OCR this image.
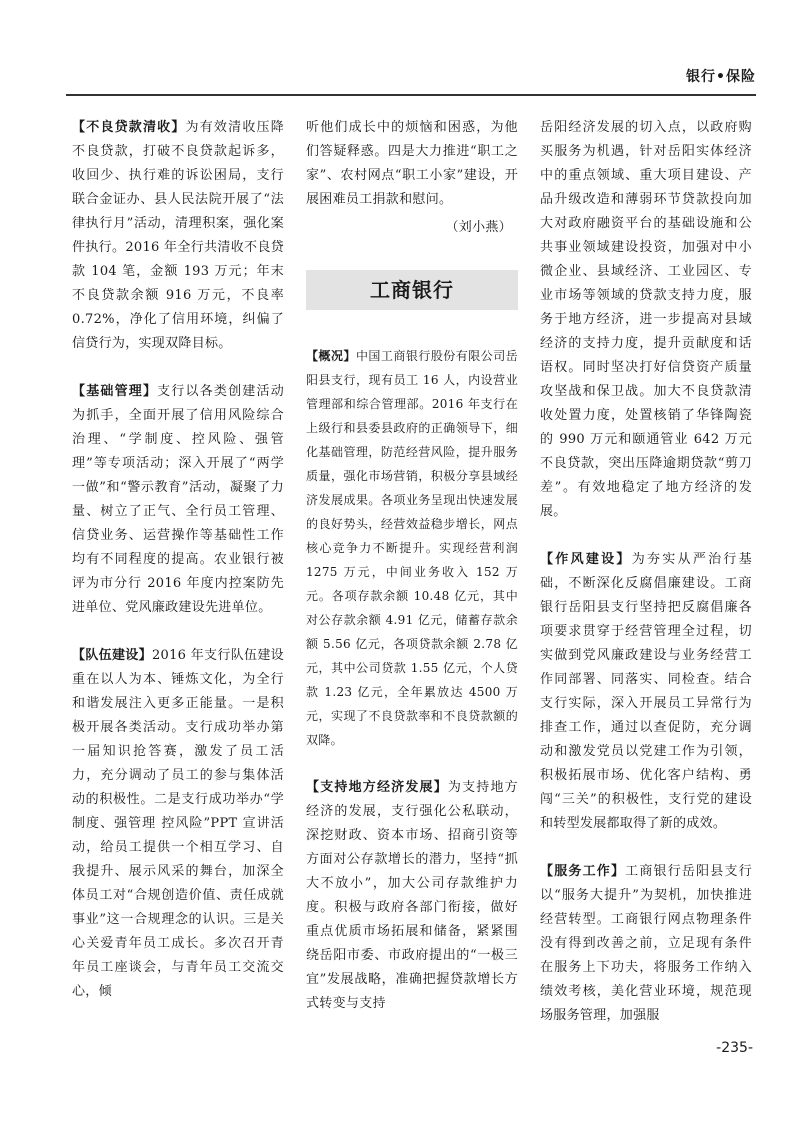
银行•保险

【不良贷款清收】为有效清收压降不良贷款，打破不良贷款起诉多，收回少、执行难的诉讼困局，支行联合金证办、县人民法院开展了“法律执行月”活动，清理积案，强化案件执行。2016 年全行共清收不良贷款 104 笔，金额 193 万元；年末不良贷款余额 916 万元，不良率 0.72%，净化了信用环境，纠偏了信贷行为，实现双降目标。

【基础管理】支行以各类创建活动为抓手，全面开展了信用风险综合治理、“学制度、控风险、强管理”等专项活动；深入开展了“两学一做”和“警示教育”活动，凝聚了力量、树立了正气、全行员工管理、信贷业务、运营操作等基础性工作均有不同程度的提高。农业银行被评为市分行 2016 年度内控案防先进单位、党风廉政建设先进单位。

【队伍建设】2016 年支行队伍建设重在以人为本、锤炼文化，为全行和谐发展注入更多正能量。一是积极开展各类活动。支行成功举办第一届知识抢答赛，激发了员工活力，充分调动了员工的参与集体活动的积极性。二是支行成功举办“学制度、强管理 控风险”PPT 宣讲活动，给员工提供一个相互学习、自我提升、展示风采的舞台，加深全体员工对“合规创造价值、责任成就事业”这一合规理念的认识。三是关心关爱青年员工成长。多次召开青年员工座谈会，与青年员工交流交心，倾

听他们成长中的烦恼和困惑，为他们答疑释惑。四是大力推进“职工之家”、农村网点“职工小家”建设，开展困难员工捐款和慰问。

（刘小燕）

工商银行

【概况】中国工商银行股份有限公司岳阳县支行，现有员工 16 人，内设营业管理部和综合管理部。2016 年支行在上级行和县委县政府的正确领导下，细化基础管理，防范经营风险，提升服务质量，强化市场营销，积极分享县域经济发展成果。各项业务呈现出快速发展的良好势头，经营效益稳步增长，网点核心竞争力不断提升。实现经营利润 1275 万元，中间业务收入 152 万元。各项存款余额 10.48 亿元，其中对公存款余额 4.91 亿元，储蓄存款余额 5.56 亿元，各项贷款余额 2.78 亿元，其中公司贷款 1.55 亿元，个人贷款 1.23 亿元，全年累放达 4500 万元，实现了不良贷款率和不良贷款额的双降。

【支持地方经济发展】为支持地方经济的发展，支行强化公私联动，深挖财政、资本市场、招商引资等方面对公存款增长的潜力，坚持“抓大不放小”，加大公司存款维护力度。积极与政府各部门衔接，做好重点优质市场拓展和储备，紧紧围绕岳阳市委、市政府提出的“一极三宜”发展战略，准确把握贷款增长方式转变与支持

岳阳经济发展的切入点，以政府购买服务为机遇，针对岳阳实体经济中的重点领域、重大项目建设、产品升级改造和薄弱环节贷款投向加大对政府融资平台的基础设施和公共事业领域建设投资，加强对中小微企业、县域经济、工业园区、专业市场等领域的贷款支持力度，服务于地方经济，进一步提高对县域经济的支持力度，提升贡献度和话语权。同时坚决打好信贷资产质量攻坚战和保卫战。加大不良贷款清收处置力度，处置核销了华锋陶瓷的 990 万元和颐通管业 642 万元不良贷款，突出压降逾期贷款“剪刀差”。有效地稳定了地方经济的发展。

【作风建设】为夯实从严治行基础，不断深化反腐倡廉建设。工商银行岳阳县支行坚持把反腐倡廉各项要求贯穿于经营管理全过程，切实做到党风廉政建设与业务经营工作同部署、同落实、同检查。结合支行实际，深入开展员工异常行为排查工作，通过以查促防，充分调动和激发党员以党建工作为引领，积极拓展市场、优化客户结构、勇闯“三关”的积极性，支行党的建设和转型发展都取得了新的成效。

【服务工作】工商银行岳阳县支行以“服务大提升”为契机，加快推进经营转型。工商银行网点物理条件没有得到改善之前，立足现有条件在服务上下功夫，将服务工作纳入绩效考核，美化营业环境，规范现场服务管理，加强服

-235-
